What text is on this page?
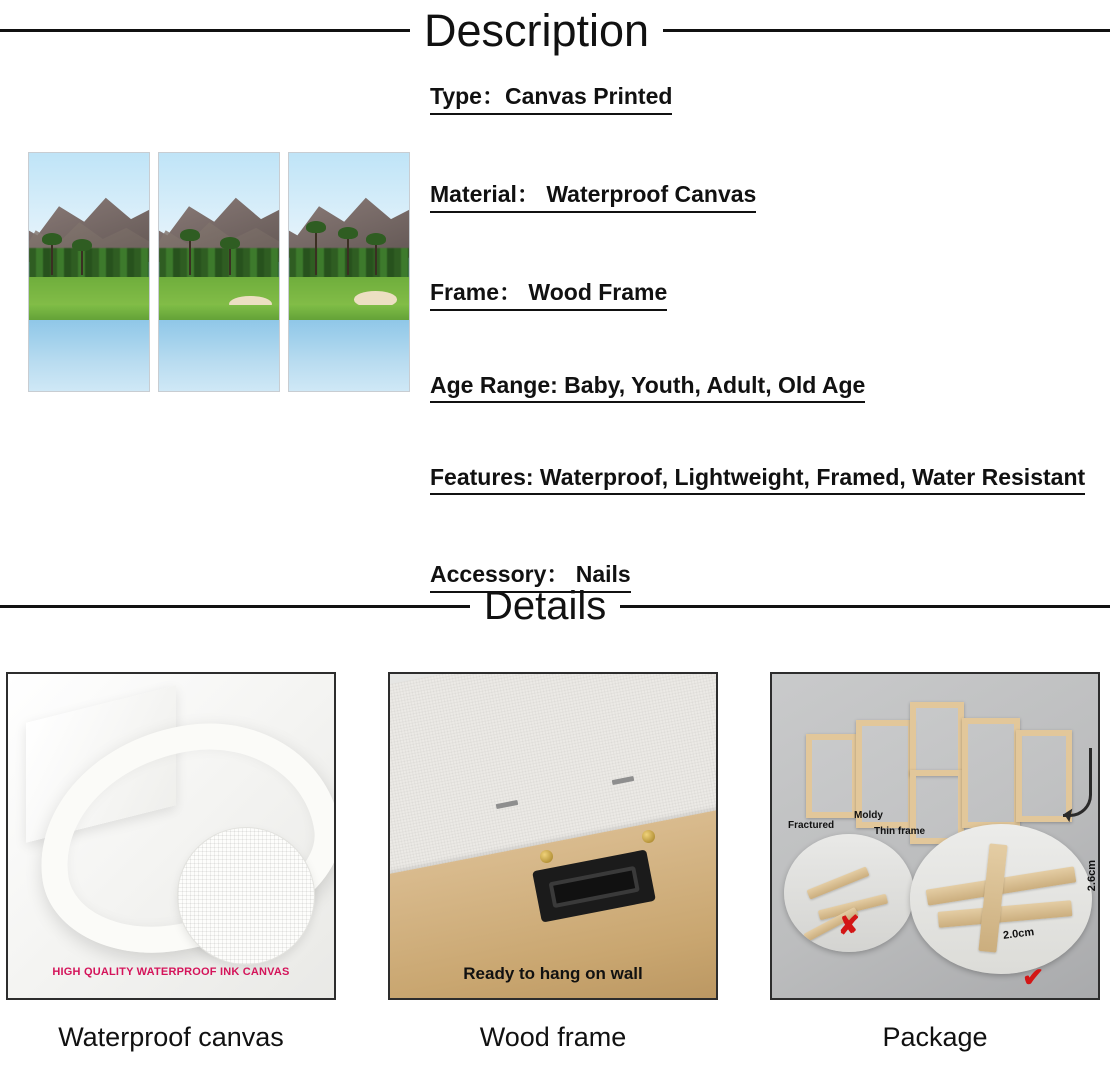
Description
Type：Canvas Printed
Material： Waterproof Canvas
Frame： Wood Frame
Age Range: Baby, Youth, Adult, Old Age
Features: Waterproof, Lightweight, Framed, Water Resistant
Accessory： Nails
Details
HIGH QUALITY WATERPROOF INK CANVAS
Waterproof canvas
Ready to hang on wall
Wood frame
Fractured
Moldy
Thin frame
✘
2.6cm
2.0cm
✔
Package
